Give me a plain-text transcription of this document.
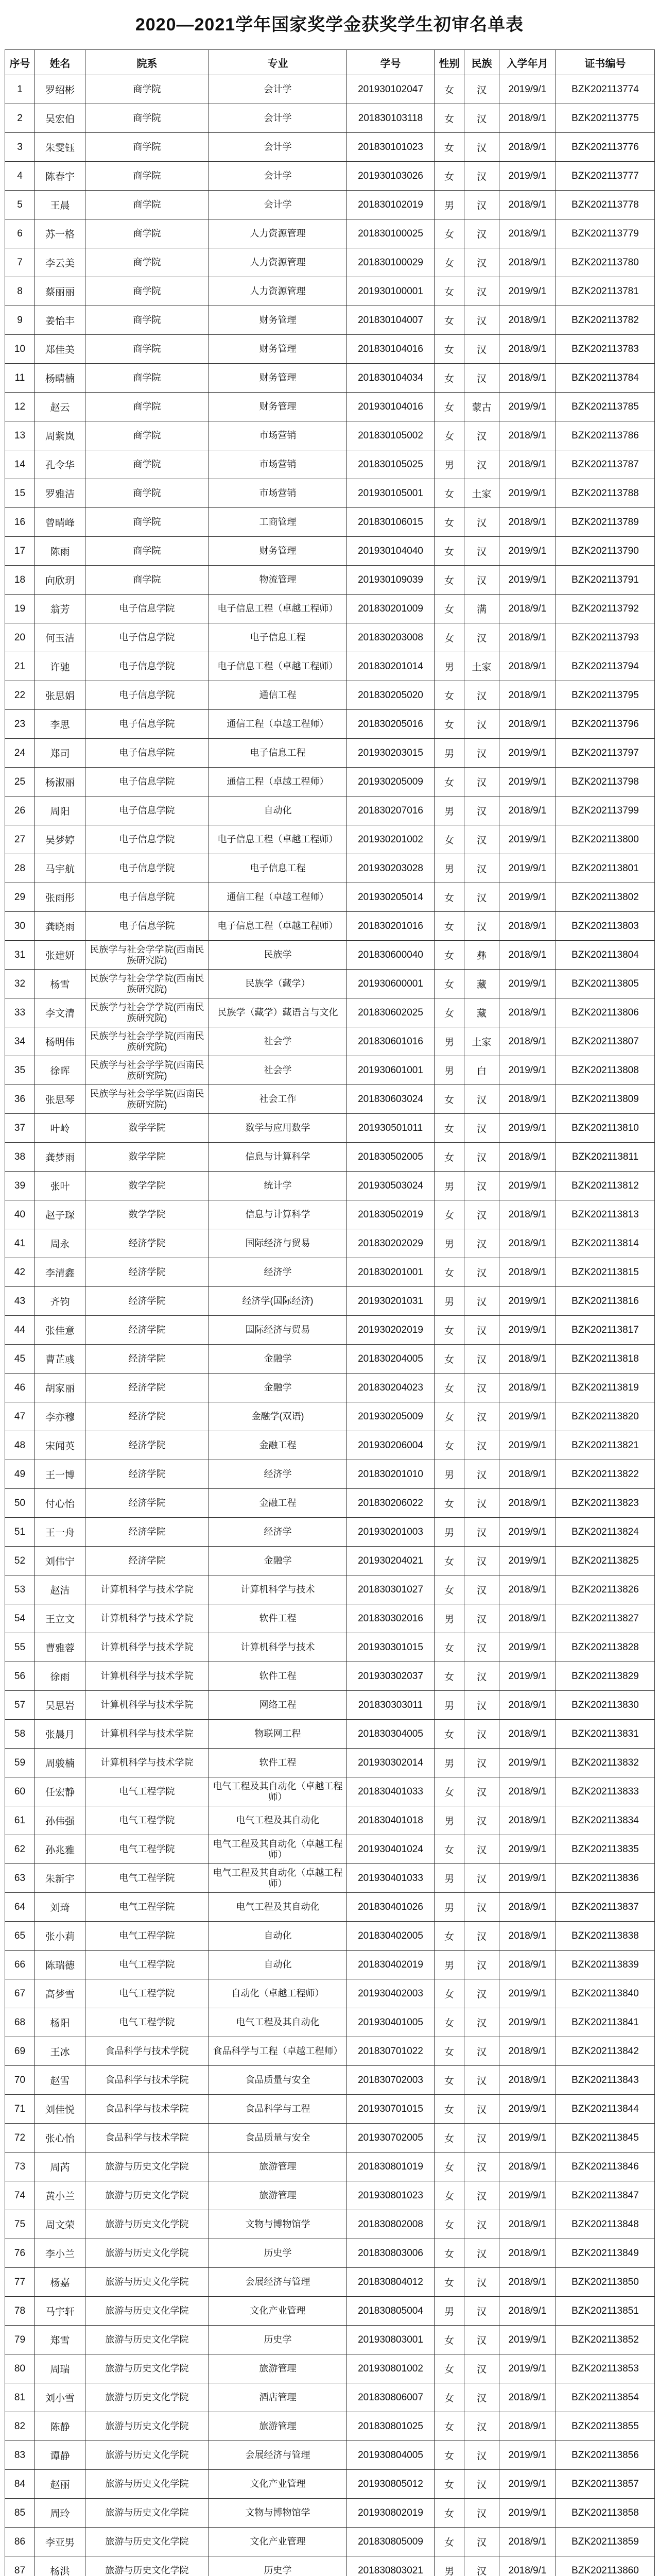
2020—2021学年国家奖学金获奖学生初审名单表
序号	姓名	院系	专业	学号	性别	民族	入学年月	证书编号
1	罗绍彬	商学院	会计学	201930102047	女	汉	2019/9/1	BZK202113774
2	吴宏伯	商学院	会计学	201830103118	女	汉	2018/9/1	BZK202113775
3	朱雯钰	商学院	会计学	201830101023	女	汉	2018/9/1	BZK202113776
4	陈春宇	商学院	会计学	201930103026	女	汉	2019/9/1	BZK202113777
5	王晨	商学院	会计学	201830102019	男	汉	2018/9/1	BZK202113778
6	苏一格	商学院	人力资源管理	201830100025	女	汉	2018/9/1	BZK202113779
7	李云美	商学院	人力资源管理	201830100029	女	汉	2018/9/1	BZK202113780
8	蔡丽丽	商学院	人力资源管理	201930100001	女	汉	2019/9/1	BZK202113781
9	姜怡丰	商学院	财务管理	201830104007	女	汉	2018/9/1	BZK202113782
10	郑佳美	商学院	财务管理	201830104016	女	汉	2018/9/1	BZK202113783
11	杨晴楠	商学院	财务管理	201830104034	女	汉	2018/9/1	BZK202113784
12	赵云	商学院	财务管理	201930104016	女	蒙古	2019/9/1	BZK202113785
13	周紫岚	商学院	市场营销	201830105002	女	汉	2018/9/1	BZK202113786
14	孔令华	商学院	市场营销	201830105025	男	汉	2018/9/1	BZK202113787
15	罗雅洁	商学院	市场营销	201930105001	女	土家	2019/9/1	BZK202113788
16	曾晴峰	商学院	工商管理	201830106015	女	汉	2018/9/1	BZK202113789
17	陈雨	商学院	财务管理	201930104040	女	汉	2019/9/1	BZK202113790
18	向欣玥	商学院	物流管理	201930109039	女	汉	2019/9/1	BZK202113791
19	翁芳	电子信息学院	电子信息工程（卓越工程师）	201830201009	女	满	2018/9/1	BZK202113792
20	何玉洁	电子信息学院	电子信息工程	201830203008	女	汉	2018/9/1	BZK202113793
21	许驰	电子信息学院	电子信息工程（卓越工程师）	201830201014	男	土家	2018/9/1	BZK202113794
22	张思娟	电子信息学院	通信工程	201830205020	女	汉	2018/9/1	BZK202113795
23	李思	电子信息学院	通信工程（卓越工程师）	201830205016	女	汉	2018/9/1	BZK202113796
24	郑司	电子信息学院	电子信息工程	201930203015	男	汉	2019/9/1	BZK202113797
25	杨淑丽	电子信息学院	通信工程（卓越工程师）	201930205009	女	汉	2019/9/1	BZK202113798
26	周阳	电子信息学院	自动化	201830207016	男	汉	2018/9/1	BZK202113799
27	吴梦婷	电子信息学院	电子信息工程（卓越工程师）	201930201002	女	汉	2019/9/1	BZK202113800
28	马宇航	电子信息学院	电子信息工程	201930203028	男	汉	2019/9/1	BZK202113801
29	张雨彤	电子信息学院	通信工程（卓越工程师）	201930205014	女	汉	2019/9/1	BZK202113802
30	龚晓雨	电子信息学院	电子信息工程（卓越工程师）	201830201016	女	汉	2018/9/1	BZK202113803
31	张建妍	民族学与社会学学院(西南民族研究院)	民族学	201830600040	女	彝	2018/9/1	BZK202113804
32	杨雪	民族学与社会学学院(西南民族研究院)	民族学（藏学）	201930600001	女	藏	2019/9/1	BZK202113805
33	李文清	民族学与社会学学院(西南民族研究院)	民族学（藏学）藏语言与文化	201830602025	女	藏	2018/9/1	BZK202113806
34	杨明伟	民族学与社会学学院(西南民族研究院)	社会学	201830601016	男	土家	2018/9/1	BZK202113807
35	徐晖	民族学与社会学学院(西南民族研究院)	社会学	201930601001	男	白	2019/9/1	BZK202113808
36	张思琴	民族学与社会学学院(西南民族研究院)	社会工作	201830603024	女	汉	2018/9/1	BZK202113809
37	叶岭	数学学院	数学与应用数学	201930501011	女	汉	2019/9/1	BZK202113810
38	龚梦雨	数学学院	信息与计算科学	201830502005	女	汉	2018/9/1	BZK202113811
39	张叶	数学学院	统计学	201930503024	男	汉	2019/9/1	BZK202113812
40	赵子琛	数学学院	信息与计算科学	201830502019	女	汉	2018/9/1	BZK202113813
41	周永	经济学院	国际经济与贸易	201830202029	男	汉	2018/9/1	BZK202113814
42	李清鑫	经济学院	经济学	201830201001	女	汉	2018/9/1	BZK202113815
43	齐钧	经济学院	经济学(国际经济)	201930201031	男	汉	2019/9/1	BZK202113816
44	张佳意	经济学院	国际经济与贸易	201930202019	女	汉	2019/9/1	BZK202113817
45	曹芷彧	经济学院	金融学	201830204005	女	汉	2018/9/1	BZK202113818
46	胡家丽	经济学院	金融学	201830204023	女	汉	2018/9/1	BZK202113819
47	李亦穆	经济学院	金融学(双语)	201930205009	女	汉	2019/9/1	BZK202113820
48	宋闻英	经济学院	金融工程	201930206004	女	汉	2019/9/1	BZK202113821
49	王一博	经济学院	经济学	201830201010	男	汉	2018/9/1	BZK202113822
50	付心怡	经济学院	金融工程	201830206022	女	汉	2018/9/1	BZK202113823
51	王一舟	经济学院	经济学	201930201003	男	汉	2019/9/1	BZK202113824
52	刘伟宁	经济学院	金融学	201930204021	女	汉	2019/9/1	BZK202113825
53	赵洁	计算机科学与技术学院	计算机科学与技术	201830301027	女	汉	2018/9/1	BZK202113826
54	王立文	计算机科学与技术学院	软件工程	201830302016	男	汉	2018/9/1	BZK202113827
55	曹雅蓉	计算机科学与技术学院	计算机科学与技术	201930301015	女	汉	2019/9/1	BZK202113828
56	徐雨	计算机科学与技术学院	软件工程	201930302037	女	汉	2019/9/1	BZK202113829
57	吴思岩	计算机科学与技术学院	网络工程	201830303011	男	汉	2018/9/1	BZK202113830
58	张晨月	计算机科学与技术学院	物联网工程	201830304005	女	汉	2018/9/1	BZK202113831
59	周骏楠	计算机科学与技术学院	软件工程	201930302014	男	汉	2019/9/1	BZK202113832
60	任宏静	电气工程学院	电气工程及其自动化（卓越工程师）	201830401033	女	汉	2018/9/1	BZK202113833
61	孙伟强	电气工程学院	电气工程及其自动化	201830401018	男	汉	2018/9/1	BZK202113834
62	孙兆雅	电气工程学院	电气工程及其自动化（卓越工程师）	201930401024	女	汉	2019/9/1	BZK202113835
63	朱新宇	电气工程学院	电气工程及其自动化（卓越工程师）	201930401033	男	汉	2019/9/1	BZK202113836
64	刘琦	电气工程学院	电气工程及其自动化	201830401026	男	汉	2018/9/1	BZK202113837
65	张小莉	电气工程学院	自动化	201830402005	女	汉	2018/9/1	BZK202113838
66	陈瑞德	电气工程学院	自动化	201830402019	男	汉	2018/9/1	BZK202113839
67	高梦雪	电气工程学院	自动化（卓越工程师）	201930402003	女	汉	2019/9/1	BZK202113840
68	杨阳	电气工程学院	电气工程及其自动化	201930401005	女	汉	2019/9/1	BZK202113841
69	王冰	食品科学与技术学院	食品科学与工程（卓越工程师）	201830701022	女	汉	2018/9/1	BZK202113842
70	赵雪	食品科学与技术学院	食品质量与安全	201830702003	女	汉	2018/9/1	BZK202113843
71	刘佳悦	食品科学与技术学院	食品科学与工程	201930701015	女	汉	2019/9/1	BZK202113844
72	张心怡	食品科学与技术学院	食品质量与安全	201930702005	女	汉	2019/9/1	BZK202113845
73	周芮	旅游与历史文化学院	旅游管理	201830801019	女	汉	2018/9/1	BZK202113846
74	黄小兰	旅游与历史文化学院	旅游管理	201930801023	女	汉	2019/9/1	BZK202113847
75	周文荣	旅游与历史文化学院	文物与博物馆学	201830802008	女	汉	2018/9/1	BZK202113848
76	李小兰	旅游与历史文化学院	历史学	201830803006	女	汉	2018/9/1	BZK202113849
77	杨嘉	旅游与历史文化学院	会展经济与管理	201830804012	女	汉	2018/9/1	BZK202113850
78	马宇轩	旅游与历史文化学院	文化产业管理	201830805004	男	汉	2018/9/1	BZK202113851
79	郑雪	旅游与历史文化学院	历史学	201930803001	女	汉	2019/9/1	BZK202113852
80	周瑞	旅游与历史文化学院	旅游管理	201930801002	女	汉	2019/9/1	BZK202113853
81	刘小雪	旅游与历史文化学院	酒店管理	201830806007	女	汉	2018/9/1	BZK202113854
82	陈静	旅游与历史文化学院	旅游管理	201830801025	女	汉	2018/9/1	BZK202113855
83	谭静	旅游与历史文化学院	会展经济与管理	201930804005	女	汉	2019/9/1	BZK202113856
84	赵丽	旅游与历史文化学院	文化产业管理	201930805012	女	汉	2019/9/1	BZK202113857
85	周玲	旅游与历史文化学院	文物与博物馆学	201930802019	女	汉	2019/9/1	BZK202113858
86	李亚男	旅游与历史文化学院	文化产业管理	201830805009	女	汉	2018/9/1	BZK202113859
87	杨洪	旅游与历史文化学院	历史学	201830803021	男	汉	2018/9/1	BZK202113860
